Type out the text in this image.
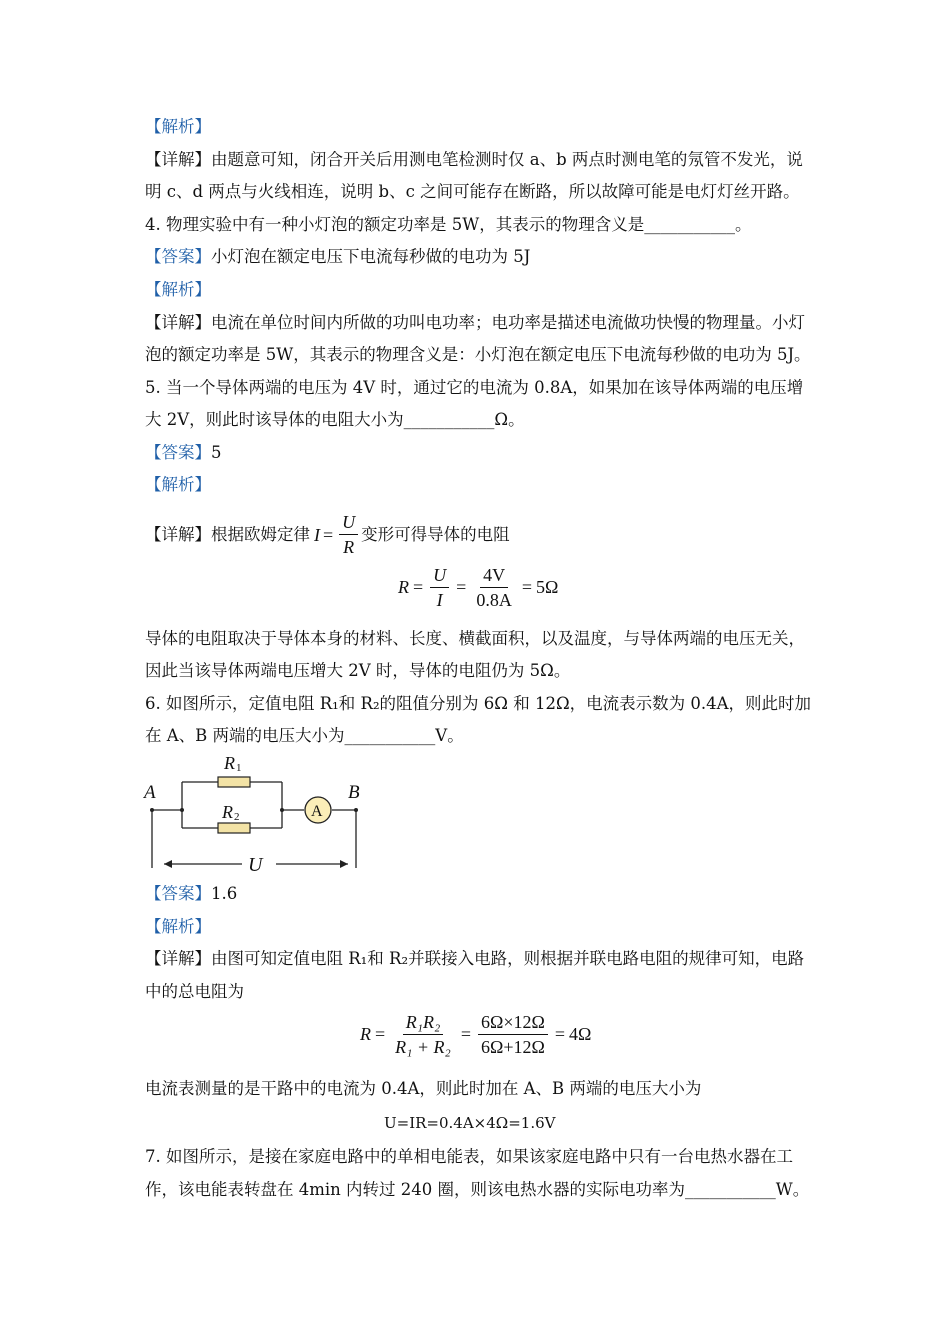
【解析】
【详解】由题意可知，闭合开关后用测电笔检测时仅 a、b 两点时测电笔的氖管不发光，说
明 c、d 两点与火线相连，说明 b、c 之间可能存在断路，所以故障可能是电灯灯丝开路。
4. 物理实验中有一种小灯泡的额定功率是 5W，其表示的物理含义是___________。
【答案】小灯泡在额定电压下电流每秒做的电功为 5J
【解析】
【详解】电流在单位时间内所做的功叫电功率；电功率是描述电流做功快慢的物理量。小灯
泡的额定功率是 5W，其表示的物理含义是：小灯泡在额定电压下电流每秒做的电功为 5J。
5. 当一个导体两端的电压为 4V 时，通过它的电流为 0.8A，如果加在该导体两端的电压增
大 2V，则此时该导体的电阻大小为___________Ω。
【答案】5
【解析】
【详解】 根据欧姆定律 $I = \frac{U}{R}$ 变形可得导体的电阻
$R = \frac{U}{I} = \frac{4V}{0.8A} = 5\Omega$
导体的电阻取决于导体本身的材料、长度、横截面积，以及温度，与导体两端的电压无关，
因此当该导体两端电压增大 2V 时，导体的电阻仍为 5Ω。
6. 如图所示，定值电阻 R₁和 R₂的阻值分别为 6Ω 和 12Ω，电流表示数为 0.4A，则此时加
在 A、B 两端的电压大小为___________V。
A	B
R 1
R 2	A
U
【答案】1.6
【解析】
【详解】由图可知定值电阻 R₁和 R₂并联接入电路，则根据并联电路电阻的规律可知，电路
中的总电阻为
$R = \frac{\text{R₁R₂}}{\text{R₁ + R₂}} = \frac{6\Omega\times 12\Omega}{6\Omega+12\Omega} = 4\Omega$
电流表测量的是干路中的电流为 0.4A，则此时加在 A、B 两端的电压大小为
U=IR=0.4A×4Ω=1.6V
7. 如图所示，是接在家庭电路中的单相电能表，如果该家庭电路中只有一台电热水器在工
作，该电能表转盘在 4min 内转过 240 圈，则该电热水器的实际电功率为___________W。
